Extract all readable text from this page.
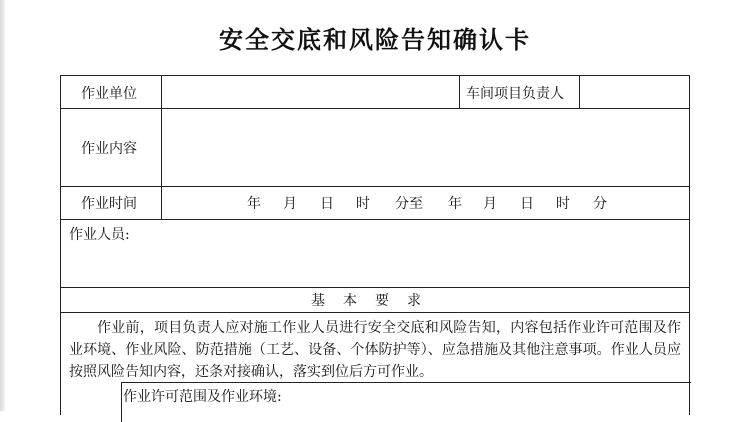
安全交底和风险告知确认卡
作业单位	车间项目负责人
作业内容
作业时间
作业人员:
年 月 日 时 分至 年 月 日 时 分
基本要求
作业前，项目负责人应对施工作业人员进行安全交底和风险告知，内容包括作业许可范围及作业环境、作业风险、防范措施（工艺、设备、个体防护等）、应急措施及其他注意事项。作业人员应按照风险告知内容，还条对接确认，落实到位后方可作业。
作业许可范围及作业环境:
